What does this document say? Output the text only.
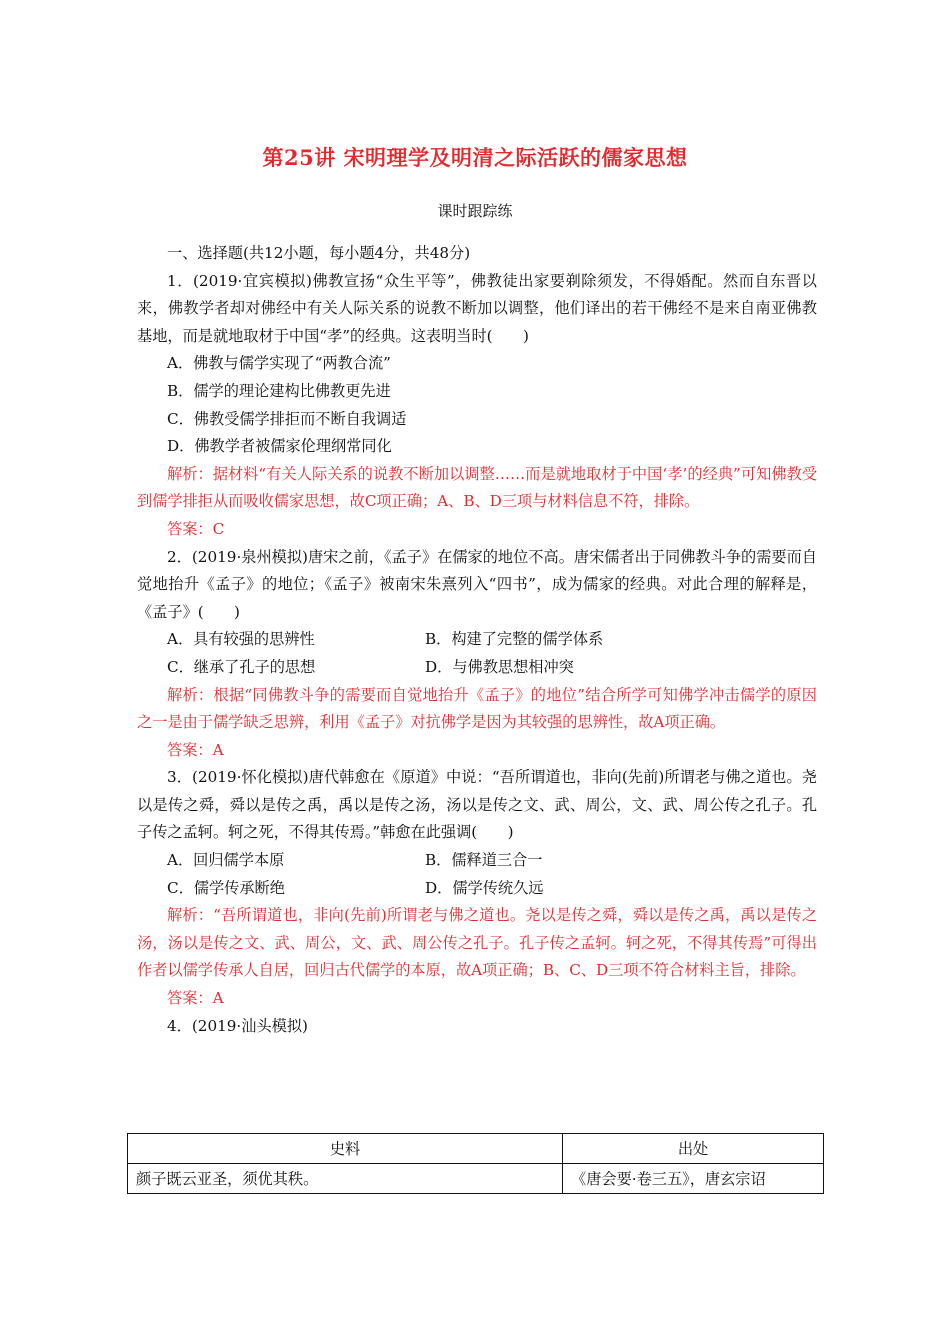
第25讲 宋明理学及明清之际活跃的儒家思想
课时跟踪练

一、选择题(共12小题，每小题4分，共48分)

1．(2019·宜宾模拟)佛教宣扬“众生平等”，佛教徒出家要剃除须发，不得婚配。然而自东晋以来，佛教学者却对佛经中有关人际关系的说教不断加以调整，他们译出的若干佛经不是来自南亚佛教基地，而是就地取材于中国“孝”的经典。这表明当时(　　)

A．佛教与儒学实现了“两教合流”

B．儒学的理论建构比佛教更先进

C．佛教受儒学排拒而不断自我调适

D．佛教学者被儒家伦理纲常同化

解析：据材料“有关人际关系的说教不断加以调整……而是就地取材于中国‘孝’的经典”可知佛教受到儒学排拒从而吸收儒家思想，故C项正确；A、B、D三项与材料信息不符，排除。

答案：C

2．(2019·泉州模拟)唐宋之前，《孟子》在儒家的地位不高。唐宋儒者出于同佛教斗争的需要而自觉地抬升《孟子》的地位；《孟子》被南宋朱熹列入“四书”，成为儒家的经典。对此合理的解释是，《孟子》(　　)

A．具有较强的思辨性	B．构建了完整的儒学体系

C．继承了孔子的思想	D．与佛教思想相冲突

解析：根据“同佛教斗争的需要而自觉地抬升《孟子》的地位”结合所学可知佛学冲击儒学的原因之一是由于儒学缺乏思辨，利用《孟子》对抗佛学是因为其较强的思辨性，故A项正确。

答案：A

3．(2019·怀化模拟)唐代韩愈在《原道》中说：“吾所谓道也，非向(先前)所谓老与佛之道也。尧以是传之舜，舜以是传之禹，禹以是传之汤，汤以是传之文、武、周公，文、武、周公传之孔子。孔子传之孟轲。轲之死，不得其传焉。”韩愈在此强调(　　)

A．回归儒学本原	B．儒释道三合一

C．儒学传承断绝	D．儒学传统久远

解析：“吾所谓道也，非向(先前)所谓老与佛之道也。尧以是传之舜，舜以是传之禹，禹以是传之汤，汤以是传之文、武、周公，文、武、周公传之孔子。孔子传之孟轲。轲之死，不得其传焉”可得出作者以儒学传承人自居，回归古代儒学的本原，故A项正确；B、C、D三项不符合材料主旨，排除。

答案：A

4．(2019·汕头模拟)

史料	出处
颜子既云亚圣，须优其秩。	《唐会要·卷三五》，唐玄宗诏
